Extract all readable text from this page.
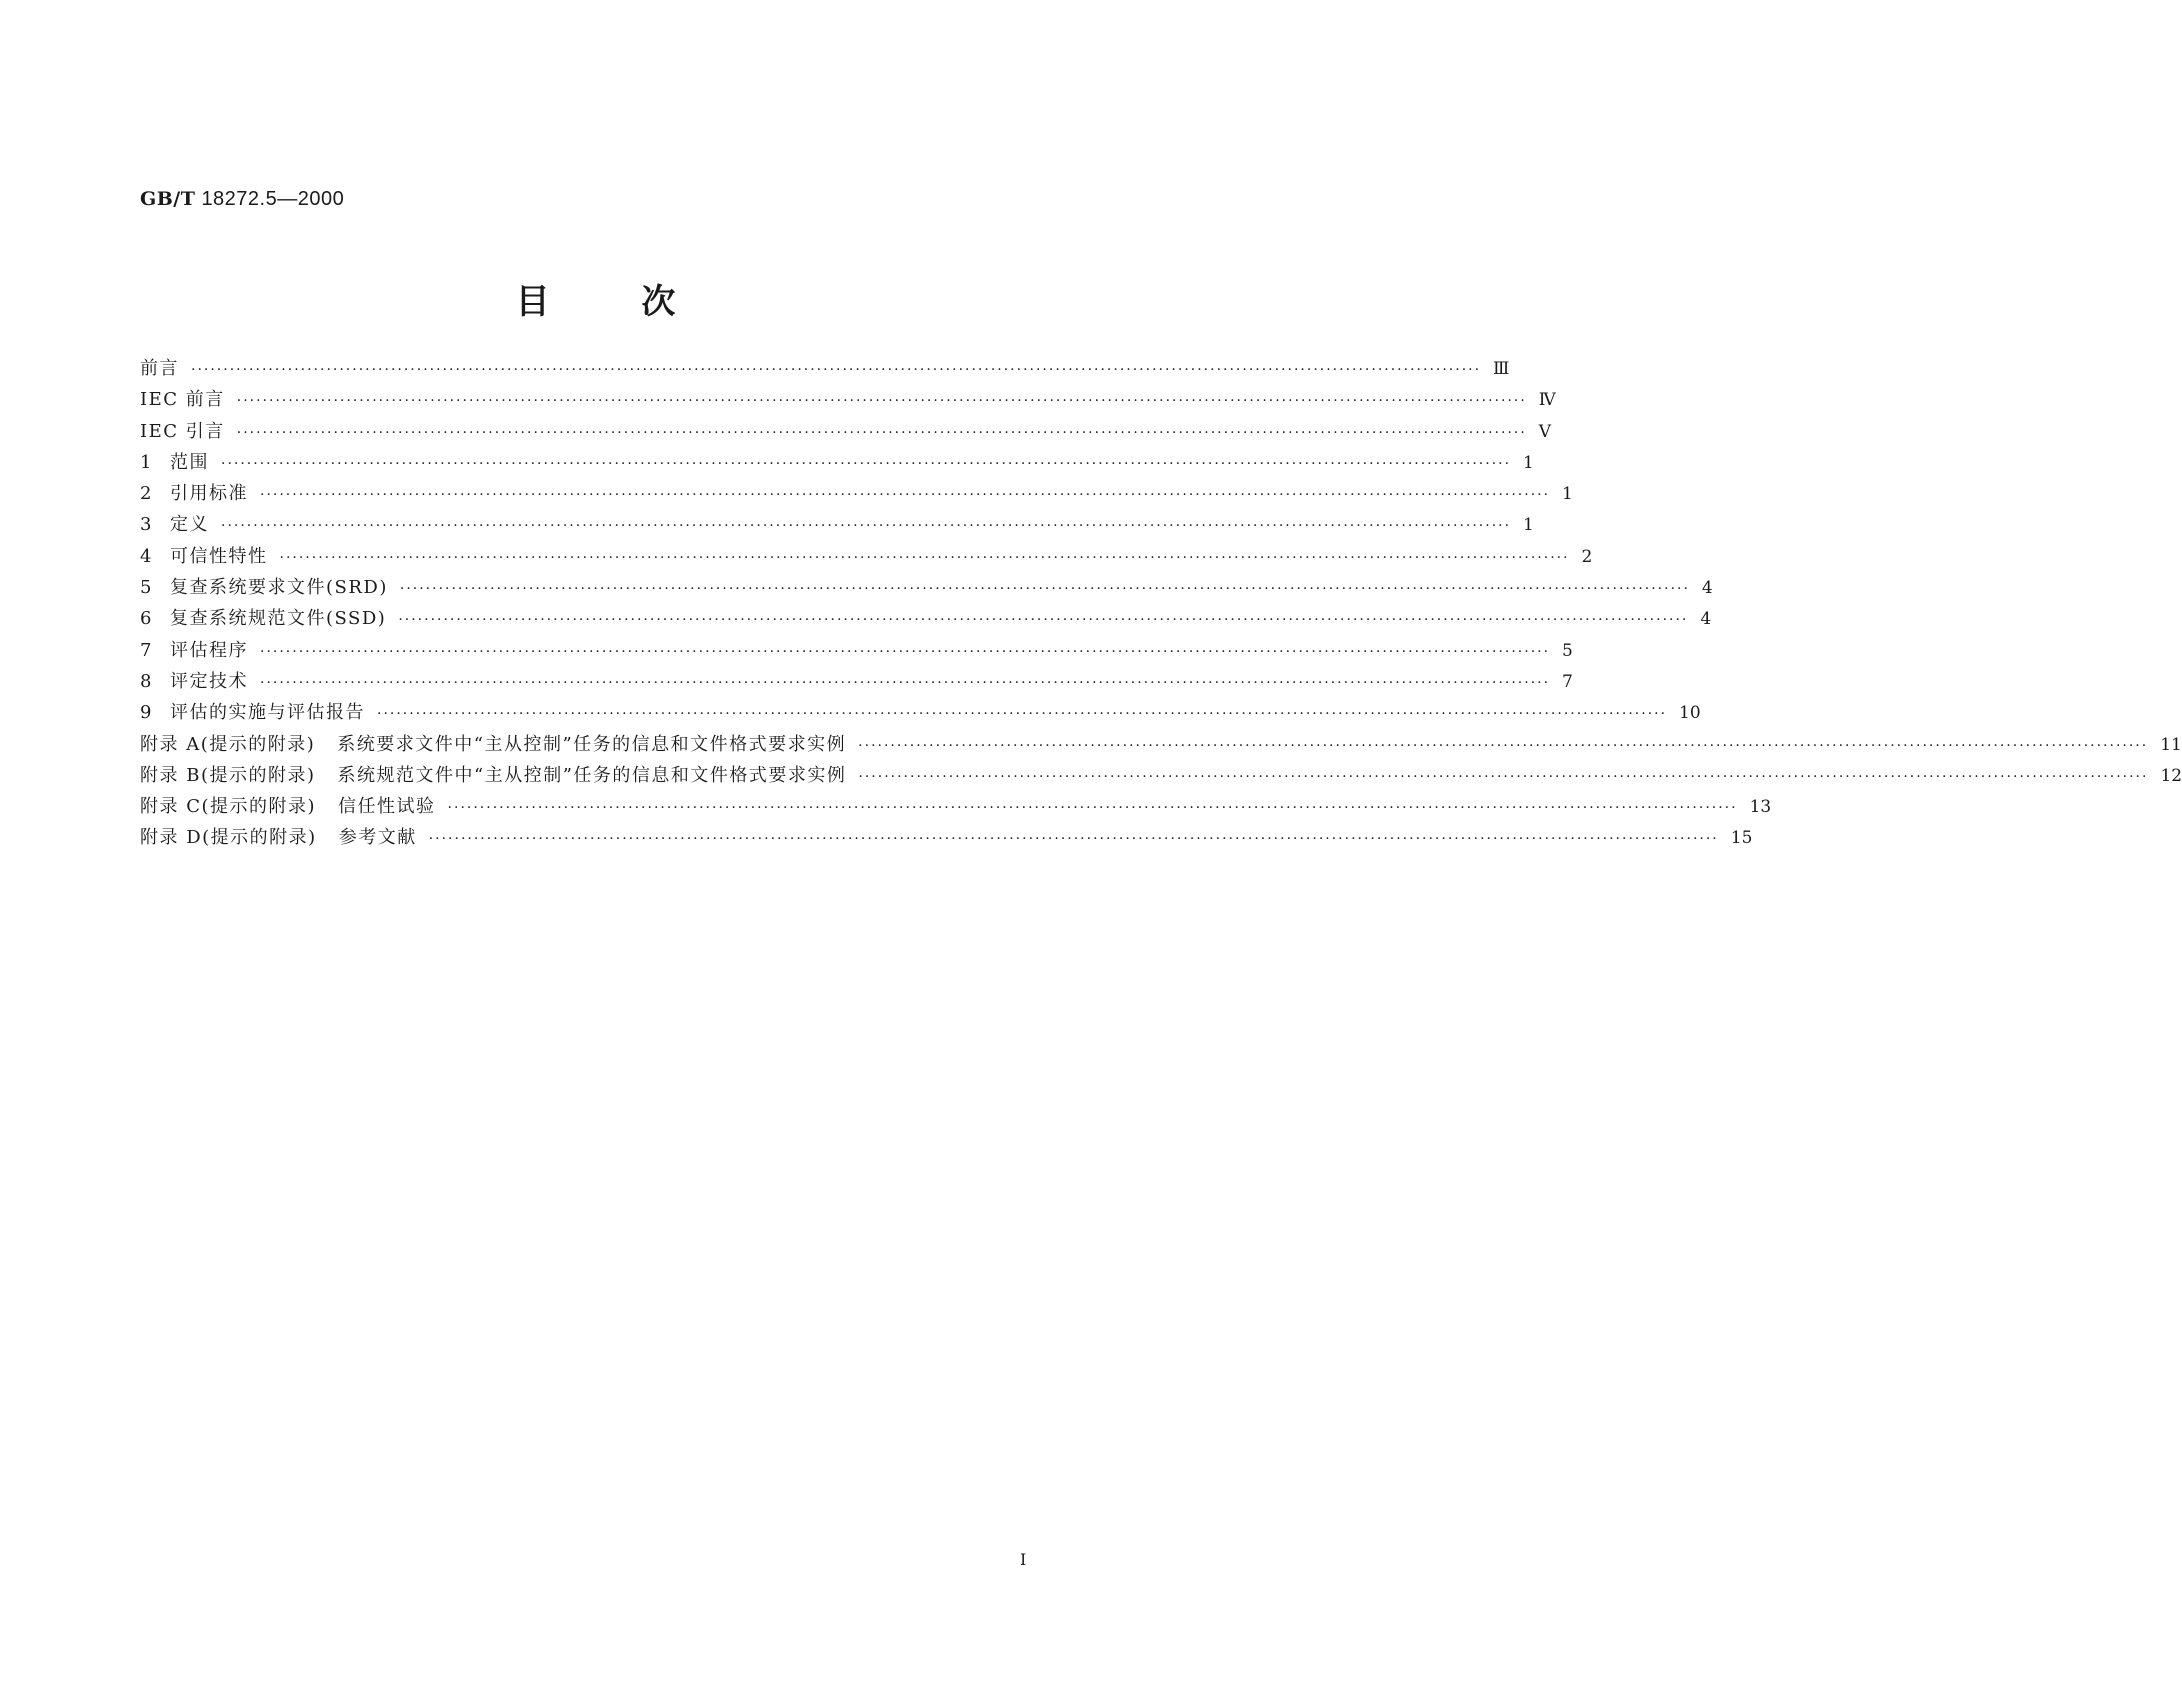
GB/T 18272.5—2000
目 次
前言 ········································································································································································································ Ⅲ
IEC 前言 ········································································································································································································ Ⅳ
IEC 引言 ········································································································································································································ Ⅴ
1 范围 ········································································································································································································ 1
2 引用标准 ········································································································································································································ 1
3 定义 ········································································································································································································ 1
4 可信性特性 ········································································································································································································ 2
5 复查系统要求文件(SRD) ········································································································································································································ 4
6 复查系统规范文件(SSD) ········································································································································································································ 4
7 评估程序 ········································································································································································································ 5
8 评定技术 ········································································································································································································ 7
9 评估的实施与评估报告 ········································································································································································································ 10
附录 A(提示的附录) 系统要求文件中“主从控制”任务的信息和文件格式要求实例 ········································································································································································································ 11
附录 B(提示的附录) 系统规范文件中“主从控制”任务的信息和文件格式要求实例 ········································································································································································································ 12
附录 C(提示的附录) 信任性试验 ········································································································································································································ 13
附录 D(提示的附录) 参考文献 ········································································································································································································ 15
Ⅰ
